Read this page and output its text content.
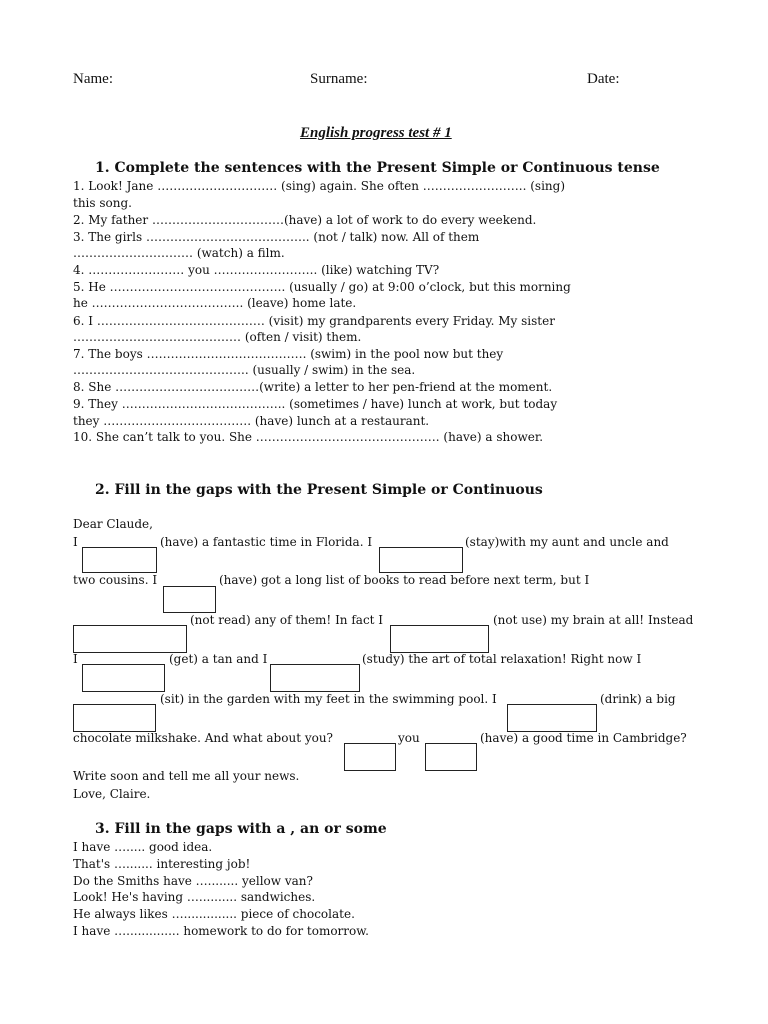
Name:	Surname:	Date:
English progress test # 1
1. Complete the sentences with the Present Simple or Continuous tense
1. Look! Jane ………………………… (sing) again. She often …………………….. (sing)
this song.
2. My father ……………………………(have) a lot of work to do every weekend.
3. The girls ………………………………….. (not / talk) now. All of them
………………………… (watch) a film.
4. …………………… you …………………….. (like) watching TV?
5. He …………………………………….. (usually / go) at 9:00 o’clock, but this morning
he ……………………………….. (leave) home late.
6. I …………………………………… (visit) my grandparents every Friday. My sister
…………………………………… (often / visit) them.
7. The boys …………………………………. (swim) in the pool now but they
…………………………………….. (usually / swim) in the sea.
8. She ………………………………(write) a letter to her pen-friend at the moment.
9. They ………………………………….. (sometimes / have) lunch at work, but today
they ………………………………. (have) lunch at a restaurant.
10. She can’t talk to you. She ………………………………………. (have) a shower.
2. Fill in the gaps with the Present Simple or Continuous
Dear Claude,
I	(have) a fantastic time in Florida. I	(stay)with my aunt and uncle and
two cousins. I	(have) got a long list of books to read before next term, but I
(not read) any of them! In fact I	(not use) my brain at all! Instead
I	(get) a tan and I	(study) the art of total relaxation! Right now I
(sit) in the garden with my feet in the swimming pool. I	(drink) a big
chocolate milkshake. And what about you?	you	(have) a good time in Cambridge?
Write soon and tell me all your news.
Love, Claire.
3. Fill in the gaps with a , an or some
I have …..... good idea.
That's …....... interesting job!
Do the Smiths have …........ yellow van?
Look! He's having ….......... sandwiches.
He always likes ….............. piece of chocolate.
I have ….............. homework to do for tomorrow.
